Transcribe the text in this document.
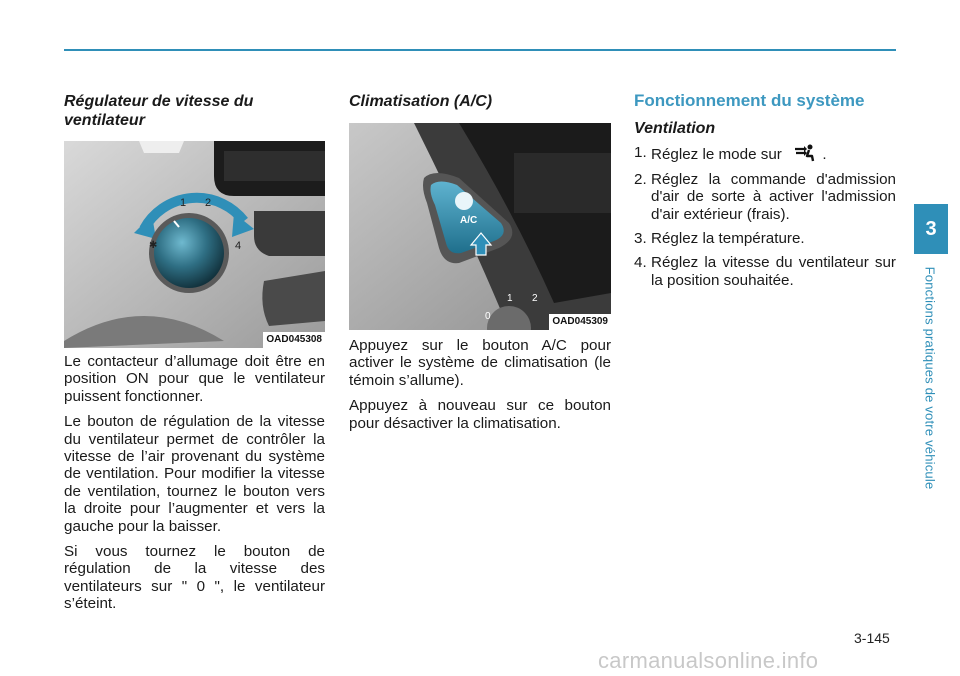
Régulateur de vitesse du ventilateur
✱
1 2
4
OAD045308

Le contacteur d’allumage doit être en position ON pour que le ventilateur puissent fonctionner.

Le bouton de régulation de la vitesse du ventilateur permet de contrôler la vitesse de l’air provenant du système de ventilation. Pour modifier la vitesse de ventilation, tournez le bouton vers la droite pour l’augmenter et vers la gauche pour la baisser.

Si vous tournez le bouton de régulation de la vitesse des ventilateurs sur " 0 ", le ventilateur s’éteint.

Climatisation (A/C)
A/C
0
1 2
OAD045309

Appuyez sur le bouton A/C pour activer le système de climatisation (le témoin s’allume).

Appuyez à nouveau sur ce bouton pour désactiver la climatisation.

Fonctionnement du système
Ventilation
1. Réglez le mode sur	.
2. Réglez la commande d'admission d'air de sorte à activer l'admission d'air extérieur (frais).
3. Réglez la température.
4. Réglez la vitesse du ventilateur sur la position souhaitée.
3
Fonctions pratiques de votre véhicule
3-145
carmanualsonline.info
